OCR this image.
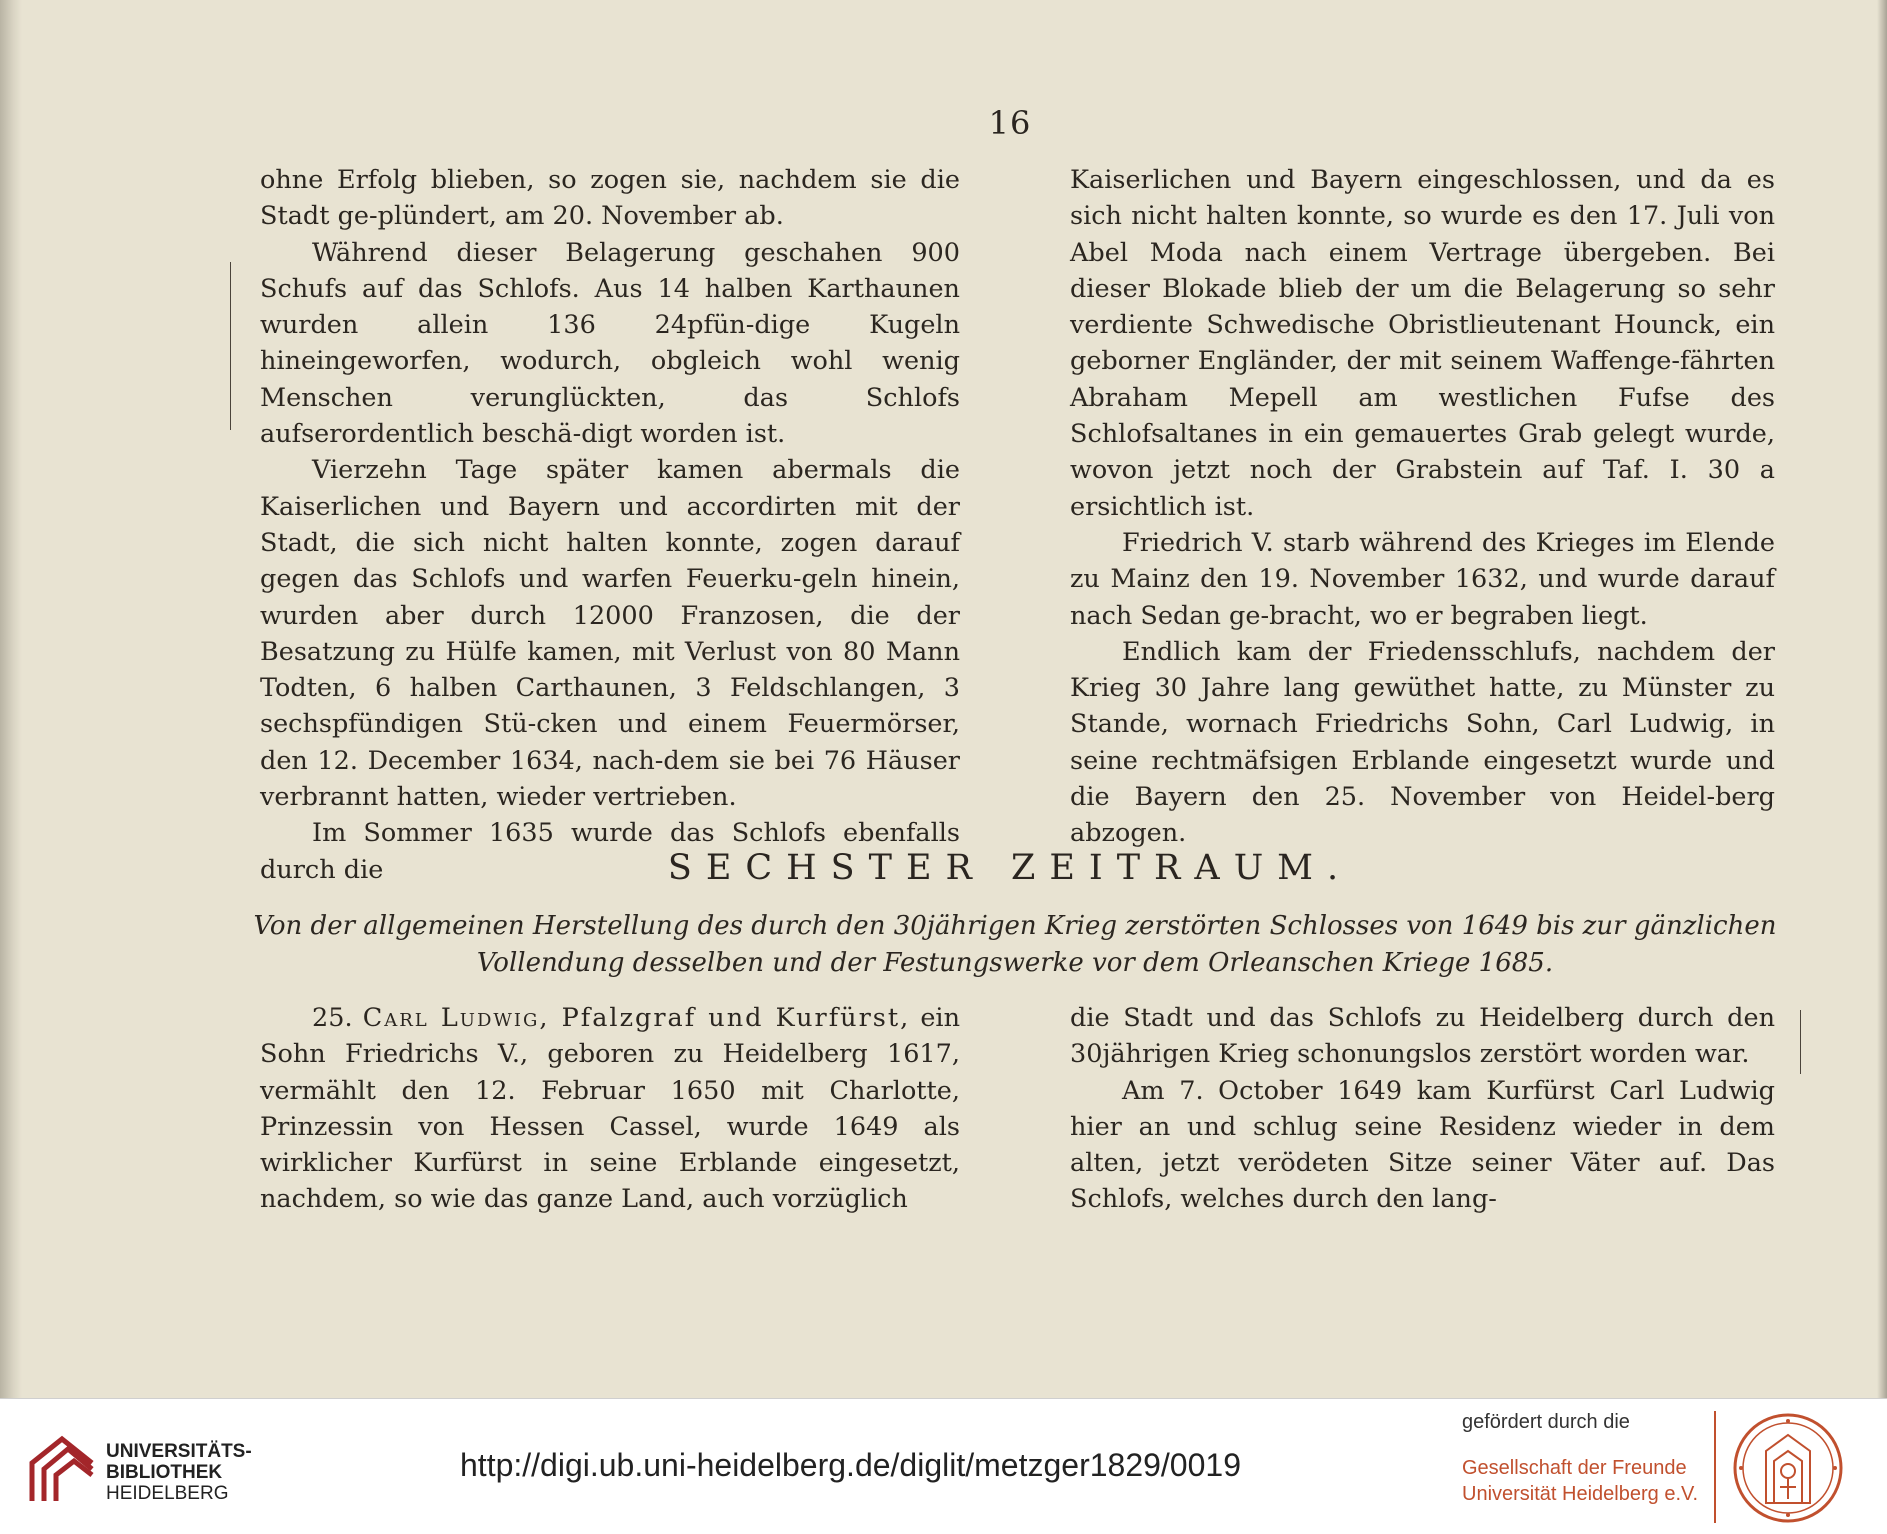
16

ohne Erfolg blieben, so zogen sie, nachdem sie die Stadt ge-plündert, am 20. November ab.

Während dieser Belagerung geschahen 900 Schufs auf das Schlofs. Aus 14 halben Karthaunen wurden allein 136 24pfün-dige Kugeln hineingeworfen, wodurch, obgleich wohl wenig Menschen verunglückten, das Schlofs aufserordentlich beschä-digt worden ist.

Vierzehn Tage später kamen abermals die Kaiserlichen und Bayern und accordirten mit der Stadt, die sich nicht halten konnte, zogen darauf gegen das Schlofs und warfen Feuerku-geln hinein, wurden aber durch 12000 Franzosen, die der Besatzung zu Hülfe kamen, mit Verlust von 80 Mann Todten, 6 halben Carthaunen, 3 Feldschlangen, 3 sechspfündigen Stü-cken und einem Feuermörser, den 12. December 1634, nach-dem sie bei 76 Häuser verbrannt hatten, wieder vertrieben.

Im Sommer 1635 wurde das Schlofs ebenfalls durch die

Kaiserlichen und Bayern eingeschlossen, und da es sich nicht halten konnte, so wurde es den 17. Juli von Abel Moda nach einem Vertrage übergeben. Bei dieser Blokade blieb der um die Belagerung so sehr verdiente Schwedische Obristlieutenant Hounck, ein geborner Engländer, der mit seinem Waffenge-fährten Abraham Mepell am westlichen Fufse des Schlofsaltanes in ein gemauertes Grab gelegt wurde, wovon jetzt noch der Grabstein auf Taf. I. 30 a ersichtlich ist.

Friedrich V. starb während des Krieges im Elende zu Mainz den 19. November 1632, und wurde darauf nach Sedan ge-bracht, wo er begraben liegt.

Endlich kam der Friedensschlufs, nachdem der Krieg 30 Jahre lang gewüthet hatte, zu Münster zu Stande, wornach Friedrichs Sohn, Carl Ludwig, in seine rechtmäfsigen Erblande eingesetzt wurde und die Bayern den 25. November von Heidel-berg abzogen.

SECHSTER ZEITRAUM.
Von der allgemeinen Herstellung des durch den 30jährigen Krieg zerstörten Schlosses von 1649 bis zur gänzlichen Vollendung desselben und der Festungswerke vor dem Orleanschen Kriege 1685.

25. Carl Ludwig, Pfalzgraf und Kurfürst, ein Sohn Friedrichs V., geboren zu Heidelberg 1617, vermählt den 12. Februar 1650 mit Charlotte, Prinzessin von Hessen Cassel, wurde 1649 als wirklicher Kurfürst in seine Erblande eingesetzt, nachdem, so wie das ganze Land, auch vorzüglich

die Stadt und das Schlofs zu Heidelberg durch den 30jährigen Krieg schonungslos zerstört worden war.

Am 7. October 1649 kam Kurfürst Carl Ludwig hier an und schlug seine Residenz wieder in dem alten, jetzt verödeten Sitze seiner Väter auf. Das Schlofs, welches durch den lang-

UNIVERSITÄTS-
BIBLIOTHEK
HEIDELBERG
http://digi.ub.uni-heidelberg.de/diglit/metzger1829/0019
gefördert durch die
Gesellschaft der Freunde
Universität Heidelberg e.V.
